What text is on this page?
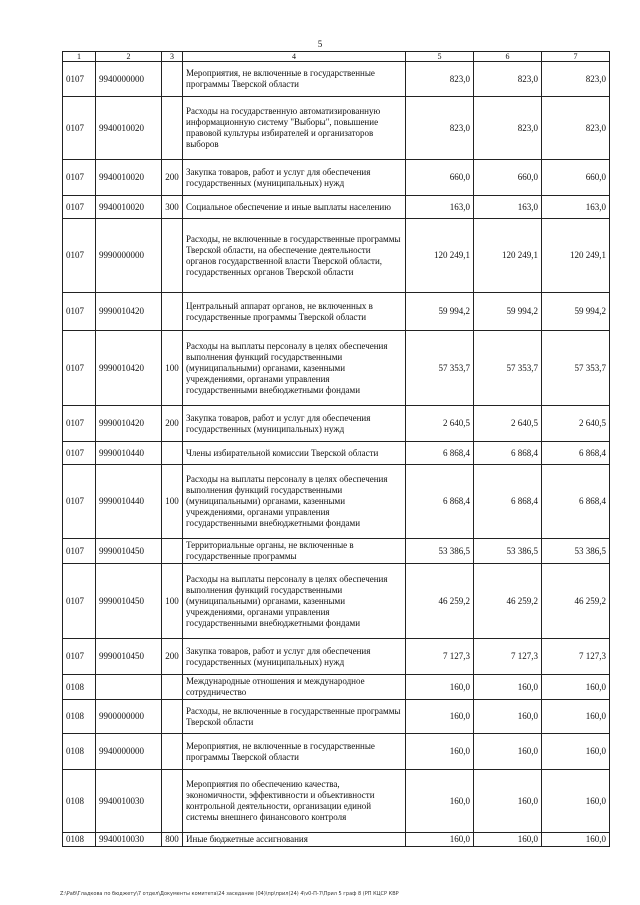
5
1	2	3	4	5	6	7
0107	9940000000		Мероприятия, не включенные в государственные программы Тверской области	823,0	823,0	823,0
0107	9940010020		Расходы на государственную автоматизированную информационную систему "Выборы", повышение правовой культуры избирателей и организаторов выборов	823,0	823,0	823,0
0107	9940010020	200	Закупка товаров, работ и услуг для обеспечения государственных (муниципальных) нужд	660,0	660,0	660,0
0107	9940010020	300	Социальное обеспечение и иные выплаты населению	163,0	163,0	163,0
0107	9990000000		Расходы, не включенные в государственные программы Тверской области, на обеспечение деятельности органов государственной власти Тверской области, государственных органов Тверской области	120 249,1	120 249,1	120 249,1
0107	9990010420		Центральный аппарат органов, не включенных в государственные программы Тверской области	59 994,2	59 994,2	59 994,2
0107	9990010420	100	Расходы на выплаты персоналу в целях обеспечения выполнения функций государственными (муниципальными) органами, казенными учреждениями, органами управления государственными внебюджетными фондами	57 353,7	57 353,7	57 353,7
0107	9990010420	200	Закупка товаров, работ и услуг для обеспечения государственных (муниципальных) нужд	2 640,5	2 640,5	2 640,5
0107	9990010440		Члены избирательной комиссии Тверской области	6 868,4	6 868,4	6 868,4
0107	9990010440	100	Расходы на выплаты персоналу в целях обеспечения выполнения функций государственными (муниципальными) органами, казенными учреждениями, органами управления государственными внебюджетными фондами	6 868,4	6 868,4	6 868,4
0107	9990010450		Территориальные органы, не включенные в государственные программы	53 386,5	53 386,5	53 386,5
0107	9990010450	100	Расходы на выплаты персоналу в целях обеспечения выполнения функций государственными (муниципальными) органами, казенными учреждениями, органами управления государственными внебюджетными фондами	46 259,2	46 259,2	46 259,2
0107	9990010450	200	Закупка товаров, работ и услуг для обеспечения государственных (муниципальных) нужд	7 127,3	7 127,3	7 127,3
0108			Международные отношения и международное сотрудничество	160,0	160,0	160,0
0108	9900000000		Расходы, не включенные в государственные программы Тверской области	160,0	160,0	160,0
0108	9940000000		Мероприятия, не включенные в государственные программы Тверской области	160,0	160,0	160,0
0108	9940010030		Мероприятия по обеспечению качества, экономичности, эффективности и объективности контрольной деятельности, организации единой системы внешнего финансового контроля	160,0	160,0	160,0
0108	9940010030	800	Иные бюджетные ассигнования	160,0	160,0	160,0
Z:\Раб\Гладкова по бюджету\7 отдел\Документы комитета\24 заседание (04)\пр\прил(24) 4\v0-П-7\Прил 5 граф 8 (РП КЦСР КВР
